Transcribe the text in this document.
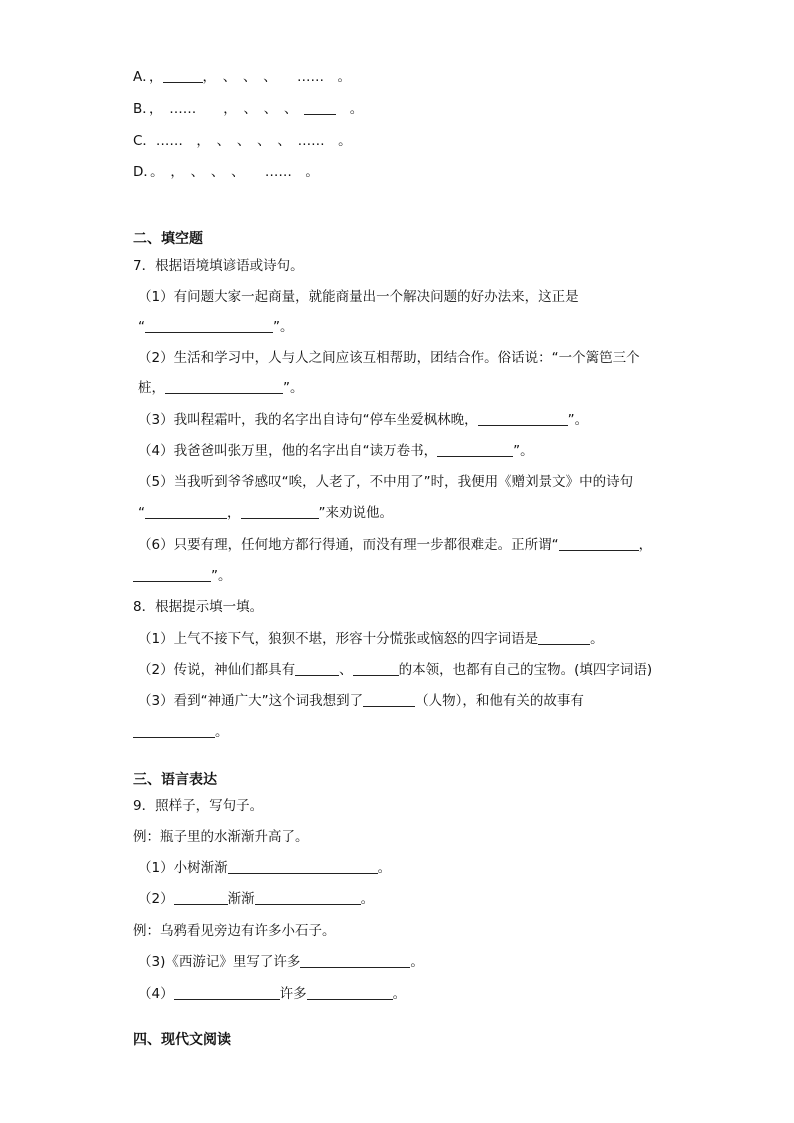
A．，	，　、　、　、　　……　。
B．，　……　　，　、　、　、　　。
C．……　，　、　、　、　、　……　。
D．。　，　、　、　、　　……　。
二、填空题
7．根据语境填谚语或诗句。
（1）有问题大家一起商量，就能商量出一个解决问题的好办法来，这正是
“	”。
（2）生活和学习中，人与人之间应该互相帮助，团结合作。俗话说：“一个篱笆三个
桩，	”。
（3）我叫程霜叶，我的名字出自诗句“停车坐爱枫林晚，	”。
（4）我爸爸叫张万里，他的名字出自“读万卷书，	”。
（5）当我听到爷爷感叹“唉，人老了，不中用了”时，我便用《赠刘景文》中的诗句
“	，	”来劝说他。
（6）只要有理，任何地方都行得通，而没有理一步都很难走。正所谓“	，
”。
8．根据提示填一填。
（1）上气不接下气，狼狈不堪，形容十分慌张或恼怒的四字词语是	。
（2）传说，神仙们都具有	、	的本领，也都有自己的宝物。(填四字词语)
（3）看到“神通广大”这个词我想到了	（人物），和他有关的故事有
。
三、语言表达
9．照样子，写句子。
例：瓶子里的水渐渐升高了。
（1）小树渐渐	。
（2）	渐渐	。
例：乌鸦看见旁边有许多小石子。
（3)《西游记》里写了许多	。
（4）	许多	。
四、现代文阅读
